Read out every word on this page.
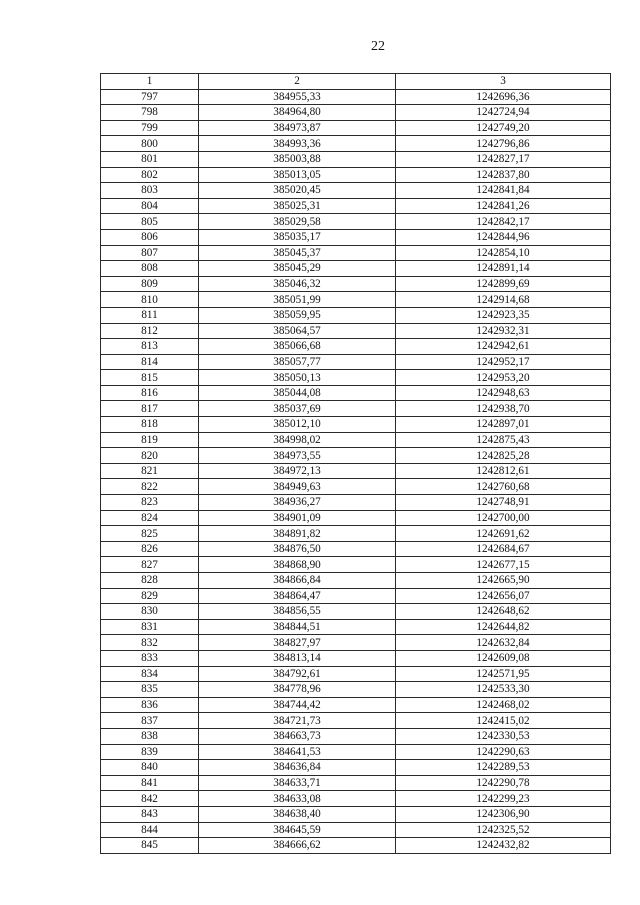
22
1	2	3
797	384955,33	1242696,36
798	384964,80	1242724,94
799	384973,87	1242749,20
800	384993,36	1242796,86
801	385003,88	1242827,17
802	385013,05	1242837,80
803	385020,45	1242841,84
804	385025,31	1242841,26
805	385029,58	1242842,17
806	385035,17	1242844,96
807	385045,37	1242854,10
808	385045,29	1242891,14
809	385046,32	1242899,69
810	385051,99	1242914,68
811	385059,95	1242923,35
812	385064,57	1242932,31
813	385066,68	1242942,61
814	385057,77	1242952,17
815	385050,13	1242953,20
816	385044,08	1242948,63
817	385037,69	1242938,70
818	385012,10	1242897,01
819	384998,02	1242875,43
820	384973,55	1242825,28
821	384972,13	1242812,61
822	384949,63	1242760,68
823	384936,27	1242748,91
824	384901,09	1242700,00
825	384891,82	1242691,62
826	384876,50	1242684,67
827	384868,90	1242677,15
828	384866,84	1242665,90
829	384864,47	1242656,07
830	384856,55	1242648,62
831	384844,51	1242644,82
832	384827,97	1242632,84
833	384813,14	1242609,08
834	384792,61	1242571,95
835	384778,96	1242533,30
836	384744,42	1242468,02
837	384721,73	1242415,02
838	384663,73	1242330,53
839	384641,53	1242290,63
840	384636,84	1242289,53
841	384633,71	1242290,78
842	384633,08	1242299,23
843	384638,40	1242306,90
844	384645,59	1242325,52
845	384666,62	1242432,82
